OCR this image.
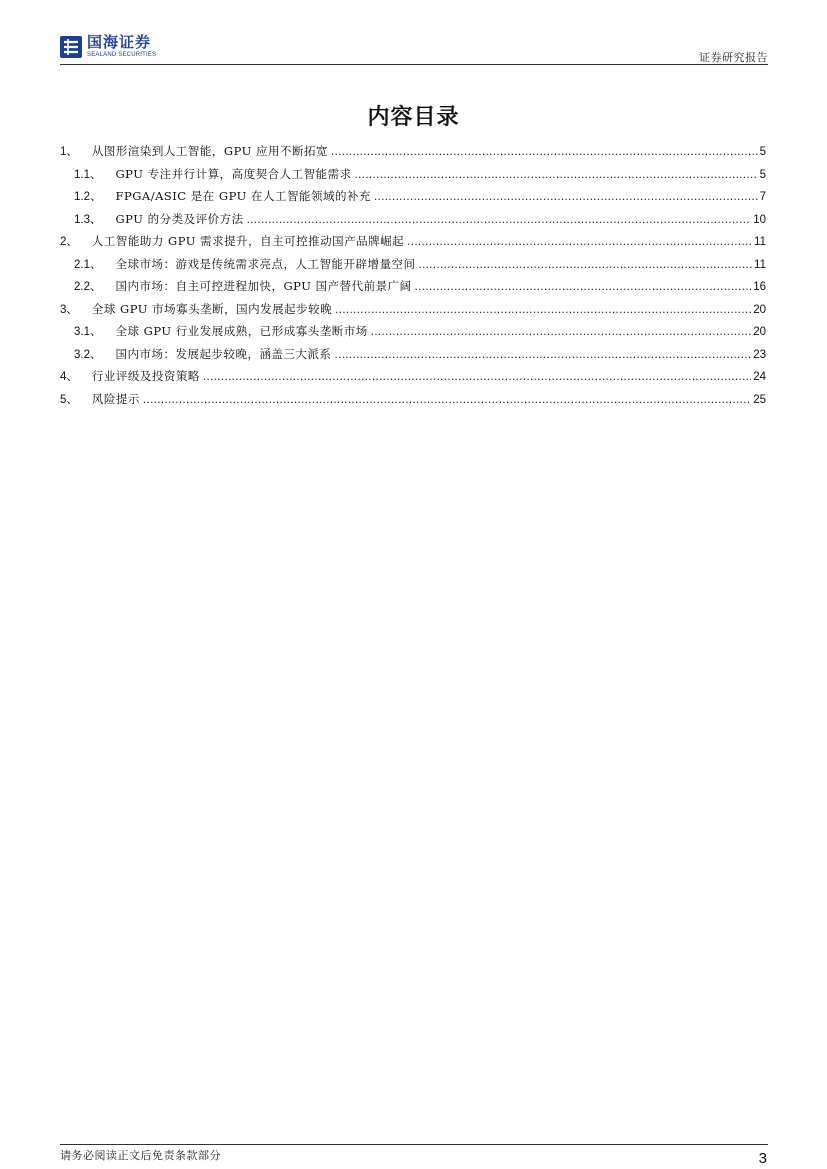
国海证券
SEALAND SECURITIES	证券研究报告
内容目录
1、 从图形渲染到人工智能，GPU 应用不断拓宽 .....	5
1.1、 GPU 专注并行计算，高度契合人工智能需求 .....	5
1.2、 FPGA/ASIC 是在 GPU 在人工智能领域的补充 .....	7
1.3、 GPU 的分类及评价方法 .....	10
2、 人工智能助力 GPU 需求提升，自主可控推动国产品牌崛起 .....	11
2.1、 全球市场：游戏是传统需求亮点，人工智能开辟增量空间 .....	11
2.2、 国内市场：自主可控进程加快，GPU 国产替代前景广阔 .....	16
3、 全球 GPU 市场寡头垄断，国内发展起步较晚 .....	20
3.1、 全球 GPU 行业发展成熟，已形成寡头垄断市场 .....	20
3.2、 国内市场：发展起步较晚，涵盖三大派系 .....	23
4、 行业评级及投资策略 .....	24
5、 风险提示 .....	25
请务必阅读正文后免责条款部分	3
